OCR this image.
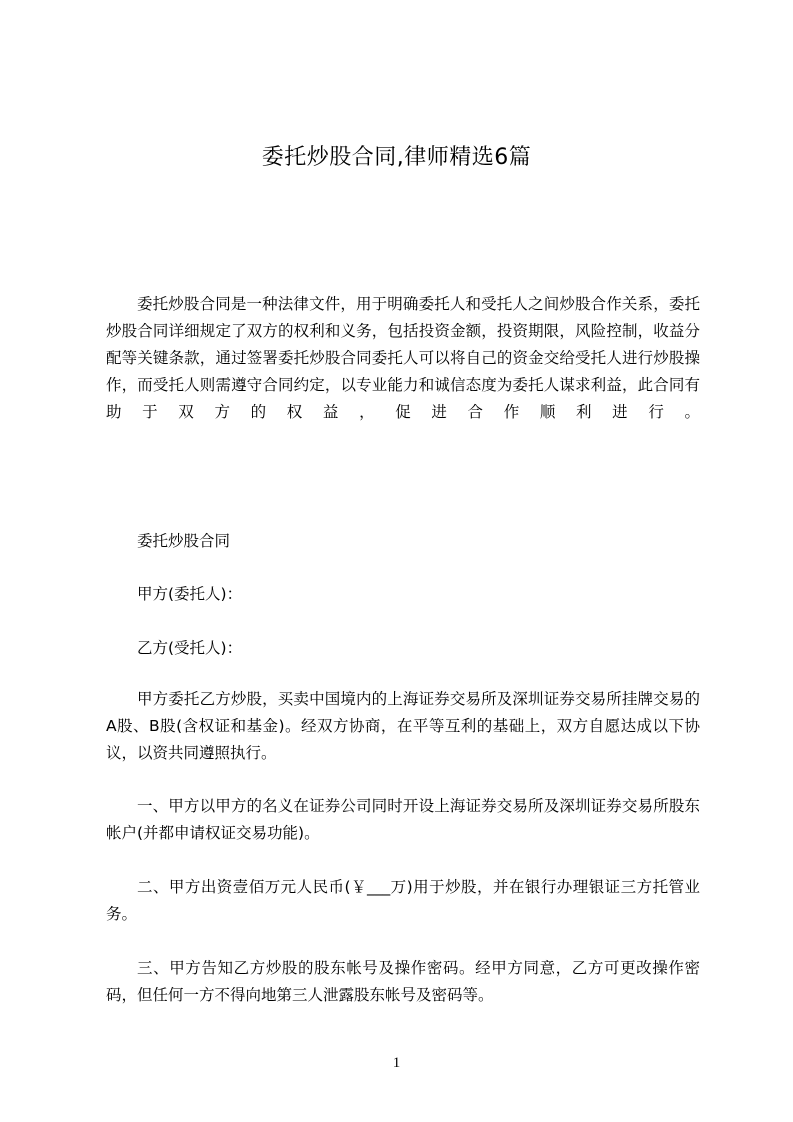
委托炒股合同,律师精选6篇

委托炒股合同是一种法律文件，用于明确委托人和受托人之间炒股合作关系，委托炒股合同详细规定了双方的权利和义务，包括投资金额，投资期限，风险控制，收益分配等关键条款，通过签署委托炒股合同委托人可以将自己的资金交给受托人进行炒股操作，而受托人则需遵守合同约定，以专业能力和诚信态度为委托人谋求利益，此合同有助于双方的权益，促进合作顺利进行。

委托炒股合同

甲方(委托人)：

乙方(受托人)：

甲方委托乙方炒股，买卖中国境内的上海证券交易所及深圳证券交易所挂牌交易的A股、B股(含权证和基金)。经双方协商，在平等互利的基础上，双方自愿达成以下协议，以资共同遵照执行。

一、甲方以甲方的名义在证券公司同时开设上海证券交易所及深圳证券交易所股东帐户(并都申请权证交易功能)。

二、甲方出资壹佰万元人民币(￥___万)用于炒股，并在银行办理银证三方托管业务。

三、甲方告知乙方炒股的股东帐号及操作密码。经甲方同意，乙方可更改操作密码，但任何一方不得向地第三人泄露股东帐号及密码等。

1
